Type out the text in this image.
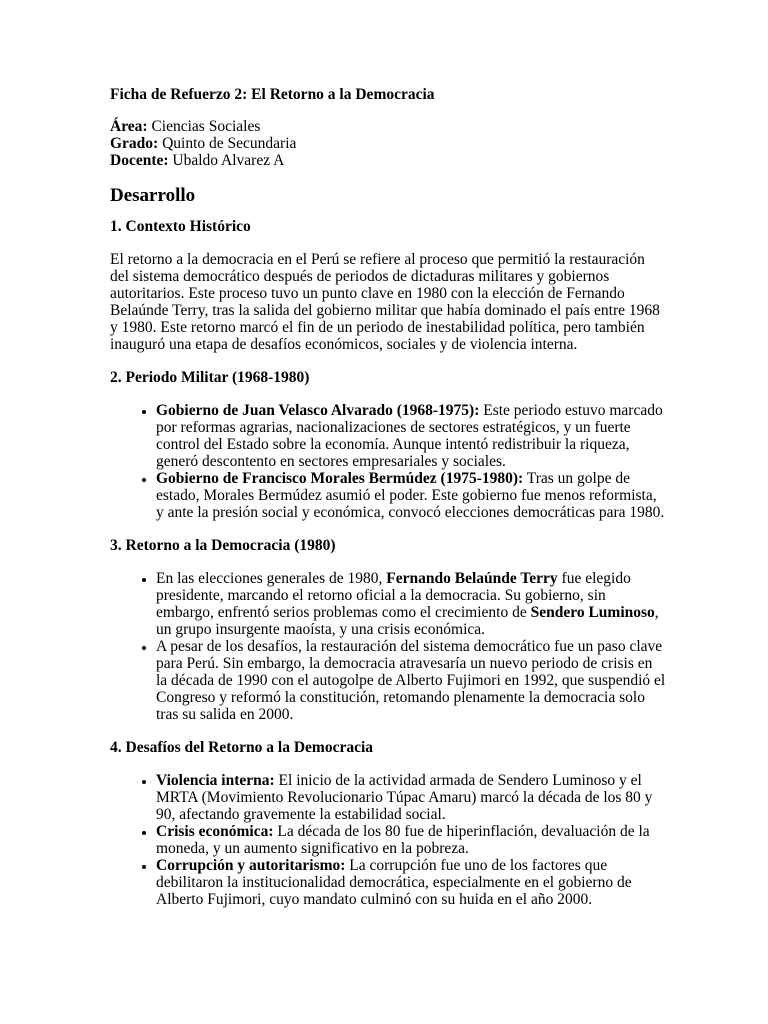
Ficha de Refuerzo 2: El Retorno a la Democracia

Área: Ciencias Sociales

Grado: Quinto de Secundaria

Docente: Ubaldo Alvarez A

Desarrollo

1. Contexto Histórico

El retorno a la democracia en el Perú se refiere al proceso que permitió la restauración del sistema democrático después de periodos de dictaduras militares y gobiernos autoritarios. Este proceso tuvo un punto clave en 1980 con la elección de Fernando Belaúnde Terry, tras la salida del gobierno militar que había dominado el país entre 1968 y 1980. Este retorno marcó el fin de un periodo de inestabilidad política, pero también inauguró una etapa de desafíos económicos, sociales y de violencia interna.

2. Periodo Militar (1968-1980)

• Gobierno de Juan Velasco Alvarado (1968-1975): Este periodo estuvo marcado por reformas agrarias, nacionalizaciones de sectores estratégicos, y un fuerte control del Estado sobre la economía. Aunque intentó redistribuir la riqueza, generó descontento en sectores empresariales y sociales.
• Gobierno de Francisco Morales Bermúdez (1975-1980): Tras un golpe de estado, Morales Bermúdez asumió el poder. Este gobierno fue menos reformista, y ante la presión social y económica, convocó elecciones democráticas para 1980.

3. Retorno a la Democracia (1980)

• En las elecciones generales de 1980, Fernando Belaúnde Terry fue elegido presidente, marcando el retorno oficial a la democracia. Su gobierno, sin embargo, enfrentó serios problemas como el crecimiento de Sendero Luminoso, un grupo insurgente maoísta, y una crisis económica.
• A pesar de los desafíos, la restauración del sistema democrático fue un paso clave para Perú. Sin embargo, la democracia atravesaría un nuevo periodo de crisis en la década de 1990 con el autogolpe de Alberto Fujimori en 1992, que suspendió el Congreso y reformó la constitución, retomando plenamente la democracia solo tras su salida en 2000.

4. Desafíos del Retorno a la Democracia

• Violencia interna: El inicio de la actividad armada de Sendero Luminoso y el MRTA (Movimiento Revolucionario Túpac Amaru) marcó la década de los 80 y 90, afectando gravemente la estabilidad social.
• Crisis económica: La década de los 80 fue de hiperinflación, devaluación de la moneda, y un aumento significativo en la pobreza.
• Corrupción y autoritarismo: La corrupción fue uno de los factores que debilitaron la institucionalidad democrática, especialmente en el gobierno de Alberto Fujimori, cuyo mandato culminó con su huida en el año 2000.
